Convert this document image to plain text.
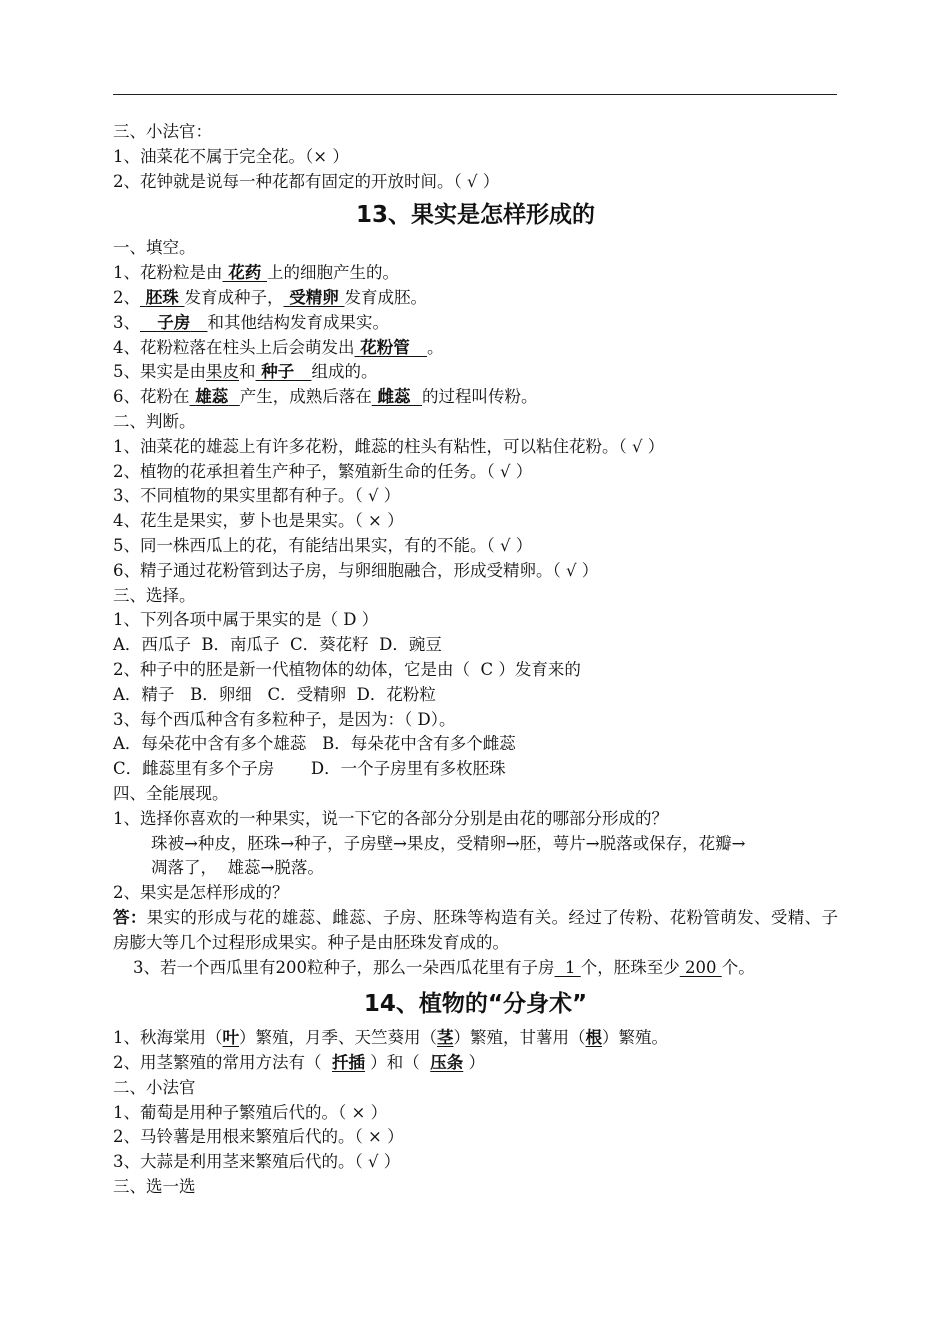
三、小法官：
1、油菜花不属于完全花。（× ）
2、花钟就是说每一种花都有固定的开放时间。（ √ ）
13、果实是怎样形成的
一、填空。
1、花粉粒是由 花药 上的细胞产生的。
2、 胚珠 发育成种子， 受精卵 发育成胚。
3、 子房 和其他结构发育成果实。
4、花粉粒落在柱头上后会萌发出 花粉管 。
5、果实是由果皮和 种子 组成的。
6、花粉在 雄蕊 产生，成熟后落在 雌蕊 的过程叫传粉。
二、判断。
1、油菜花的雄蕊上有许多花粉，雌蕊的柱头有粘性，可以粘住花粉。（ √ ）
2、植物的花承担着生产种子，繁殖新生命的任务。（ √ ）
3、不同植物的果实里都有种子。（ √ ）
4、花生是果实，萝卜也是果实。（ × ）
5、同一株西瓜上的花，有能结出果实，有的不能。（ √ ）
6、精子通过花粉管到达子房，与卵细胞融合，形成受精卵。（ √ ）
三、选择。
1、下列各项中属于果实的是（ D ）
A．西瓜子  B．南瓜子  C．葵花籽  D．豌豆
2、种子中的胚是新一代植物体的幼体，它是由（  C ）发育来的
A．精子   B．卵细   C．受精卵  D．花粉粒
3、每个西瓜种含有多粒种子，是因为：（ D）。
A．每朵花中含有多个雄蕊   B．每朵花中含有多个雌蕊
C．雌蕊里有多个子房       D．一个子房里有多枚胚珠
四、全能展现。
1、选择你喜欢的一种果实，说一下它的各部分分别是由花的哪部分形成的？
珠被→种皮，胚珠→种子，子房壁→果皮，受精卵→胚，萼片→脱落或保存，花瓣→
凋落了，  雄蕊→脱落。
2、果实是怎样形成的？
答：果实的形成与花的雄蕊、雌蕊、子房、胚珠等构造有关。经过了传粉、花粉管萌发、受精、子房膨大等几个过程形成果实。种子是由胚珠发育成的。
3、若一个西瓜里有200粒种子，那么一朵西瓜花里有子房 1 个，胚珠至少 200 个。
14、植物的“分身术”
1、秋海棠用（叶）繁殖，月季、天竺葵用（茎）繁殖，甘薯用（根）繁殖。
2、用茎繁殖的常用方法有（  扦插 ）和（  压条 ）
二、小法官
1、葡萄是用种子繁殖后代的。（ × ）
2、马铃薯是用根来繁殖后代的。（ × ）
3、大蒜是利用茎来繁殖后代的。（ √ ）
三、选一选
